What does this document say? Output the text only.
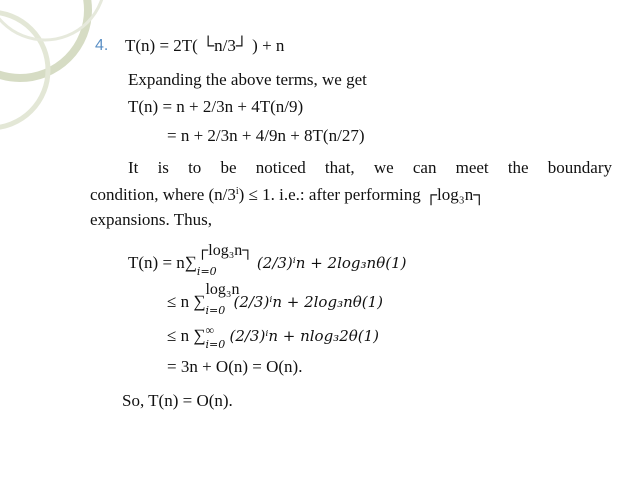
4. T(n) = 2T( └n/3┘ ) + n
Expanding the above terms, we get
T(n) = n + 2/3n + 4T(n/9)
= n + 2/3n + 4/9n + 8T(n/27)
It is to be noticed that, we can meet the boundary
condition, where $(n/3^i) \le 1$. i.e.: after performing ┌log₃n┐
expansions. Thus,
T(n) = n∑
┌log₃n┐
i=0	(2/3)ⁱn + 2log₃nθ(1)
≤ n ∑
log₃n
i=0 (2/3)ⁱn + 2log₃nθ(1)
≤ n ∑ ∞
i=0 (2/3)ⁱn + nlog₃2θ(1)
= 3n + O(n) = O(n).
So, T(n) = O(n).
